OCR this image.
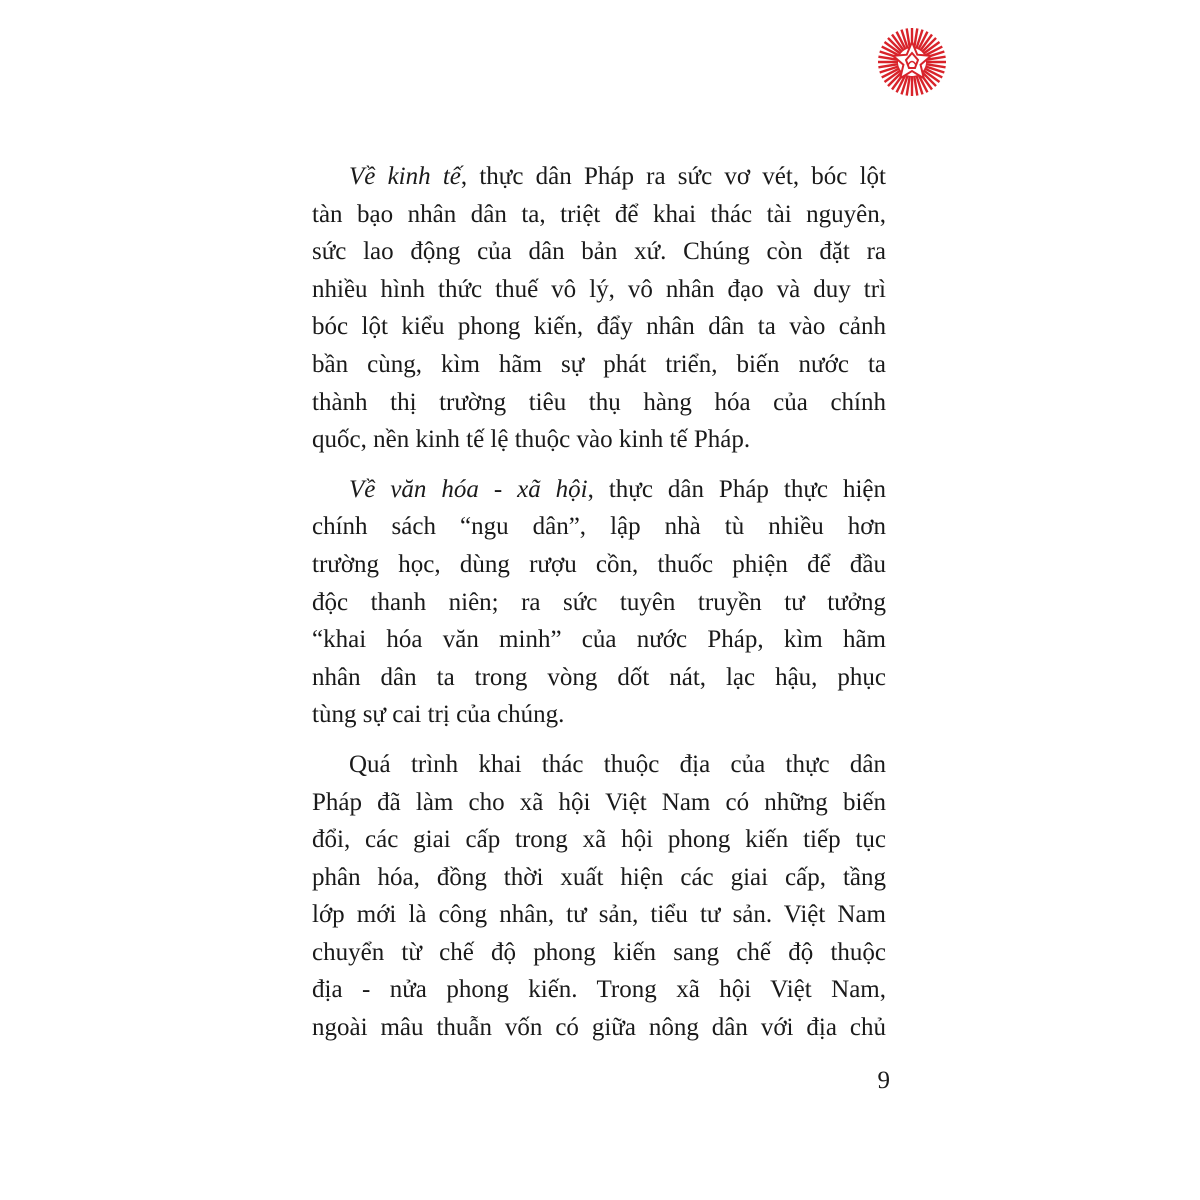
Về kinh tế, thực dân Pháp ra sức vơ vét, bóc lột
tàn bạo nhân dân ta, triệt để khai thác tài nguyên,
sức lao động của dân bản xứ. Chúng còn đặt ra
nhiều hình thức thuế vô lý, vô nhân đạo và duy trì
bóc lột kiểu phong kiến, đẩy nhân dân ta vào cảnh
bần cùng, kìm hãm sự phát triển, biến nước ta
thành thị trường tiêu thụ hàng hóa của chính
quốc, nền kinh tế lệ thuộc vào kinh tế Pháp.
Về văn hóa - xã hội, thực dân Pháp thực hiện
chính sách “ngu dân”, lập nhà tù nhiều hơn
trường học, dùng rượu cồn, thuốc phiện để đầu
độc thanh niên; ra sức tuyên truyền tư tưởng
“khai hóa văn minh” của nước Pháp, kìm hãm
nhân dân ta trong vòng dốt nát, lạc hậu, phục
tùng sự cai trị của chúng.
Quá trình khai thác thuộc địa của thực dân
Pháp đã làm cho xã hội Việt Nam có những biến
đổi, các giai cấp trong xã hội phong kiến tiếp tục
phân hóa, đồng thời xuất hiện các giai cấp, tầng
lớp mới là công nhân, tư sản, tiểu tư sản. Việt Nam
chuyển từ chế độ phong kiến sang chế độ thuộc
địa - nửa phong kiến. Trong xã hội Việt Nam,
ngoài mâu thuẫn vốn có giữa nông dân với địa chủ
9
